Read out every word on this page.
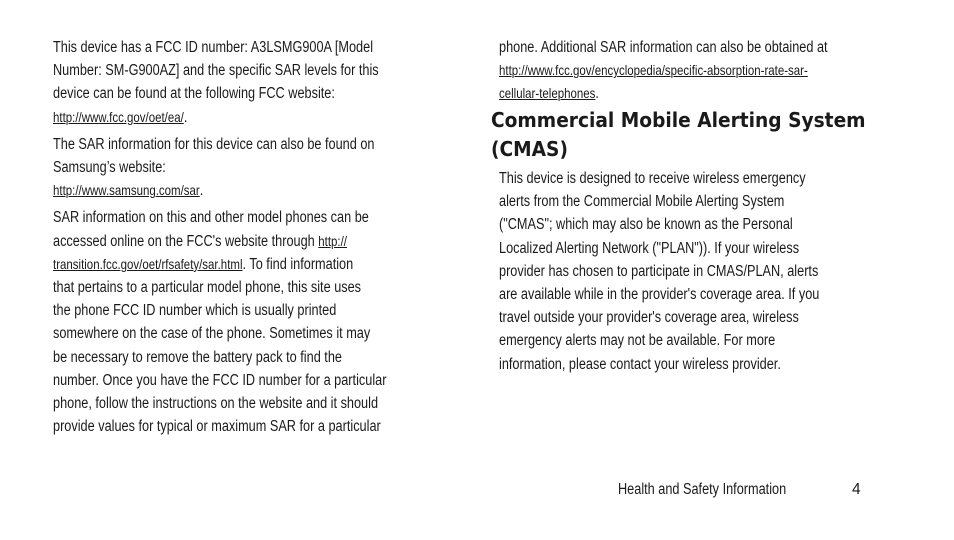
This device has a FCC ID number: A3LSMG900A [Model
Number: SM-G900AZ] and the specific SAR levels for this
device can be found at the following FCC website:
http://www.fcc.gov/oet/ea/.

The SAR information for this device can also be found on
Samsung’s website:
http://www.samsung.com/sar.

SAR information on this and other model phones can be
accessed online on the FCC's website through http://
transition.fcc.gov/oet/rfsafety/sar.html. To find information
that pertains to a particular model phone, this site uses
the phone FCC ID number which is usually printed
somewhere on the case of the phone. Sometimes it may
be necessary to remove the battery pack to find the
number. Once you have the FCC ID number for a particular
phone, follow the instructions on the website and it should
provide values for typical or maximum SAR for a particular

phone. Additional SAR information can also be obtained at
http://www.fcc.gov/encyclopedia/specific-absorption-rate-sar-
cellular-telephones.

Commercial Mobile Alerting System
(CMAS)
This device is designed to receive wireless emergency
alerts from the Commercial Mobile Alerting System
("CMAS"; which may also be known as the Personal
Localized Alerting Network ("PLAN")). If your wireless
provider has chosen to participate in CMAS/PLAN, alerts
are available while in the provider's coverage area. If you
travel outside your provider's coverage area, wireless
emergency alerts may not be available. For more
information, please contact your wireless provider.
Health and Safety Information	4
